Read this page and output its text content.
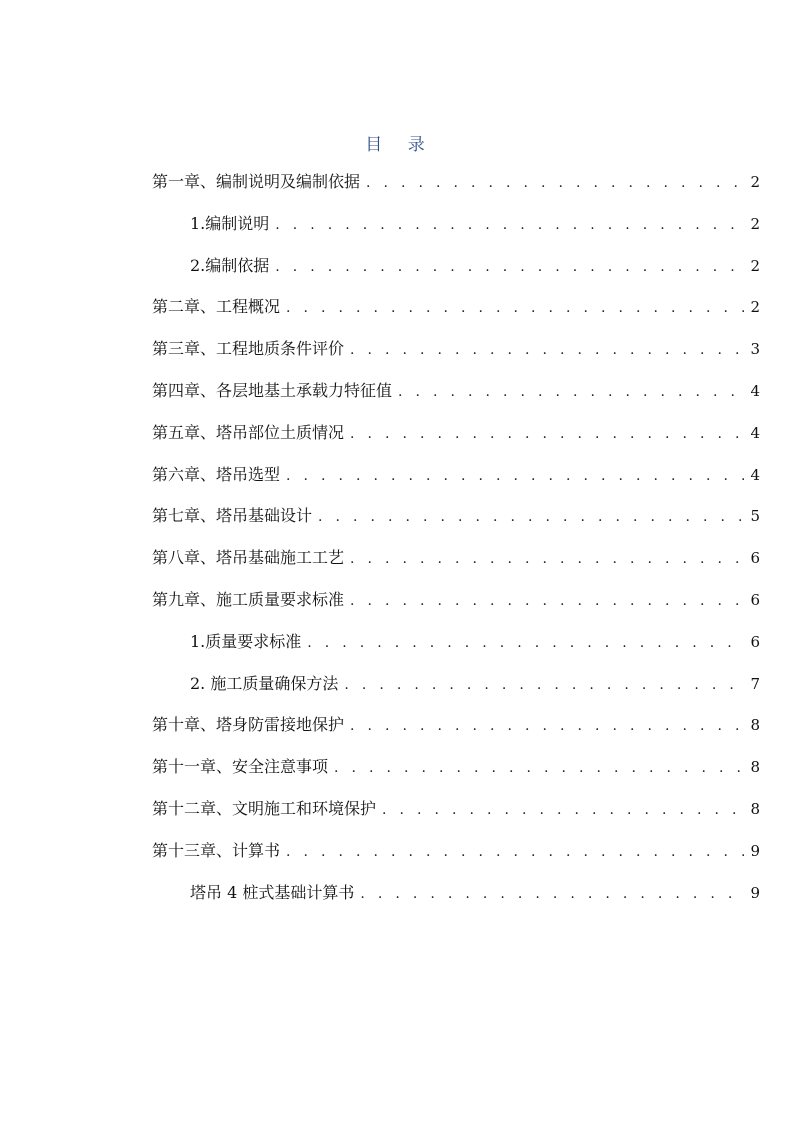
目 录
第一章、编制说明及编制依据 . . .	2
1.编制说明 . . .	2
2.编制依据 . . .	2
第二章、工程概况 . . .	2
第三章、工程地质条件评价 . . .	3
第四章、各层地基土承载力特征值 . . .	4
第五章、塔吊部位土质情况 . . .	4
第六章、塔吊选型 . . .	4
第七章、塔吊基础设计 . . .	5
第八章、塔吊基础施工工艺 . . .	6
第九章、施工质量要求标准 . . .	6
1.质量要求标准 . . .	6
2. 施工质量确保方法 . . .	7
第十章、塔身防雷接地保护 . . .	8
第十一章、安全注意事项 . . .	8
第十二章、文明施工和环境保护 . . .	8
第十三章、计算书 . . .	9
塔吊 4 桩式基础计算书 . . .	9
